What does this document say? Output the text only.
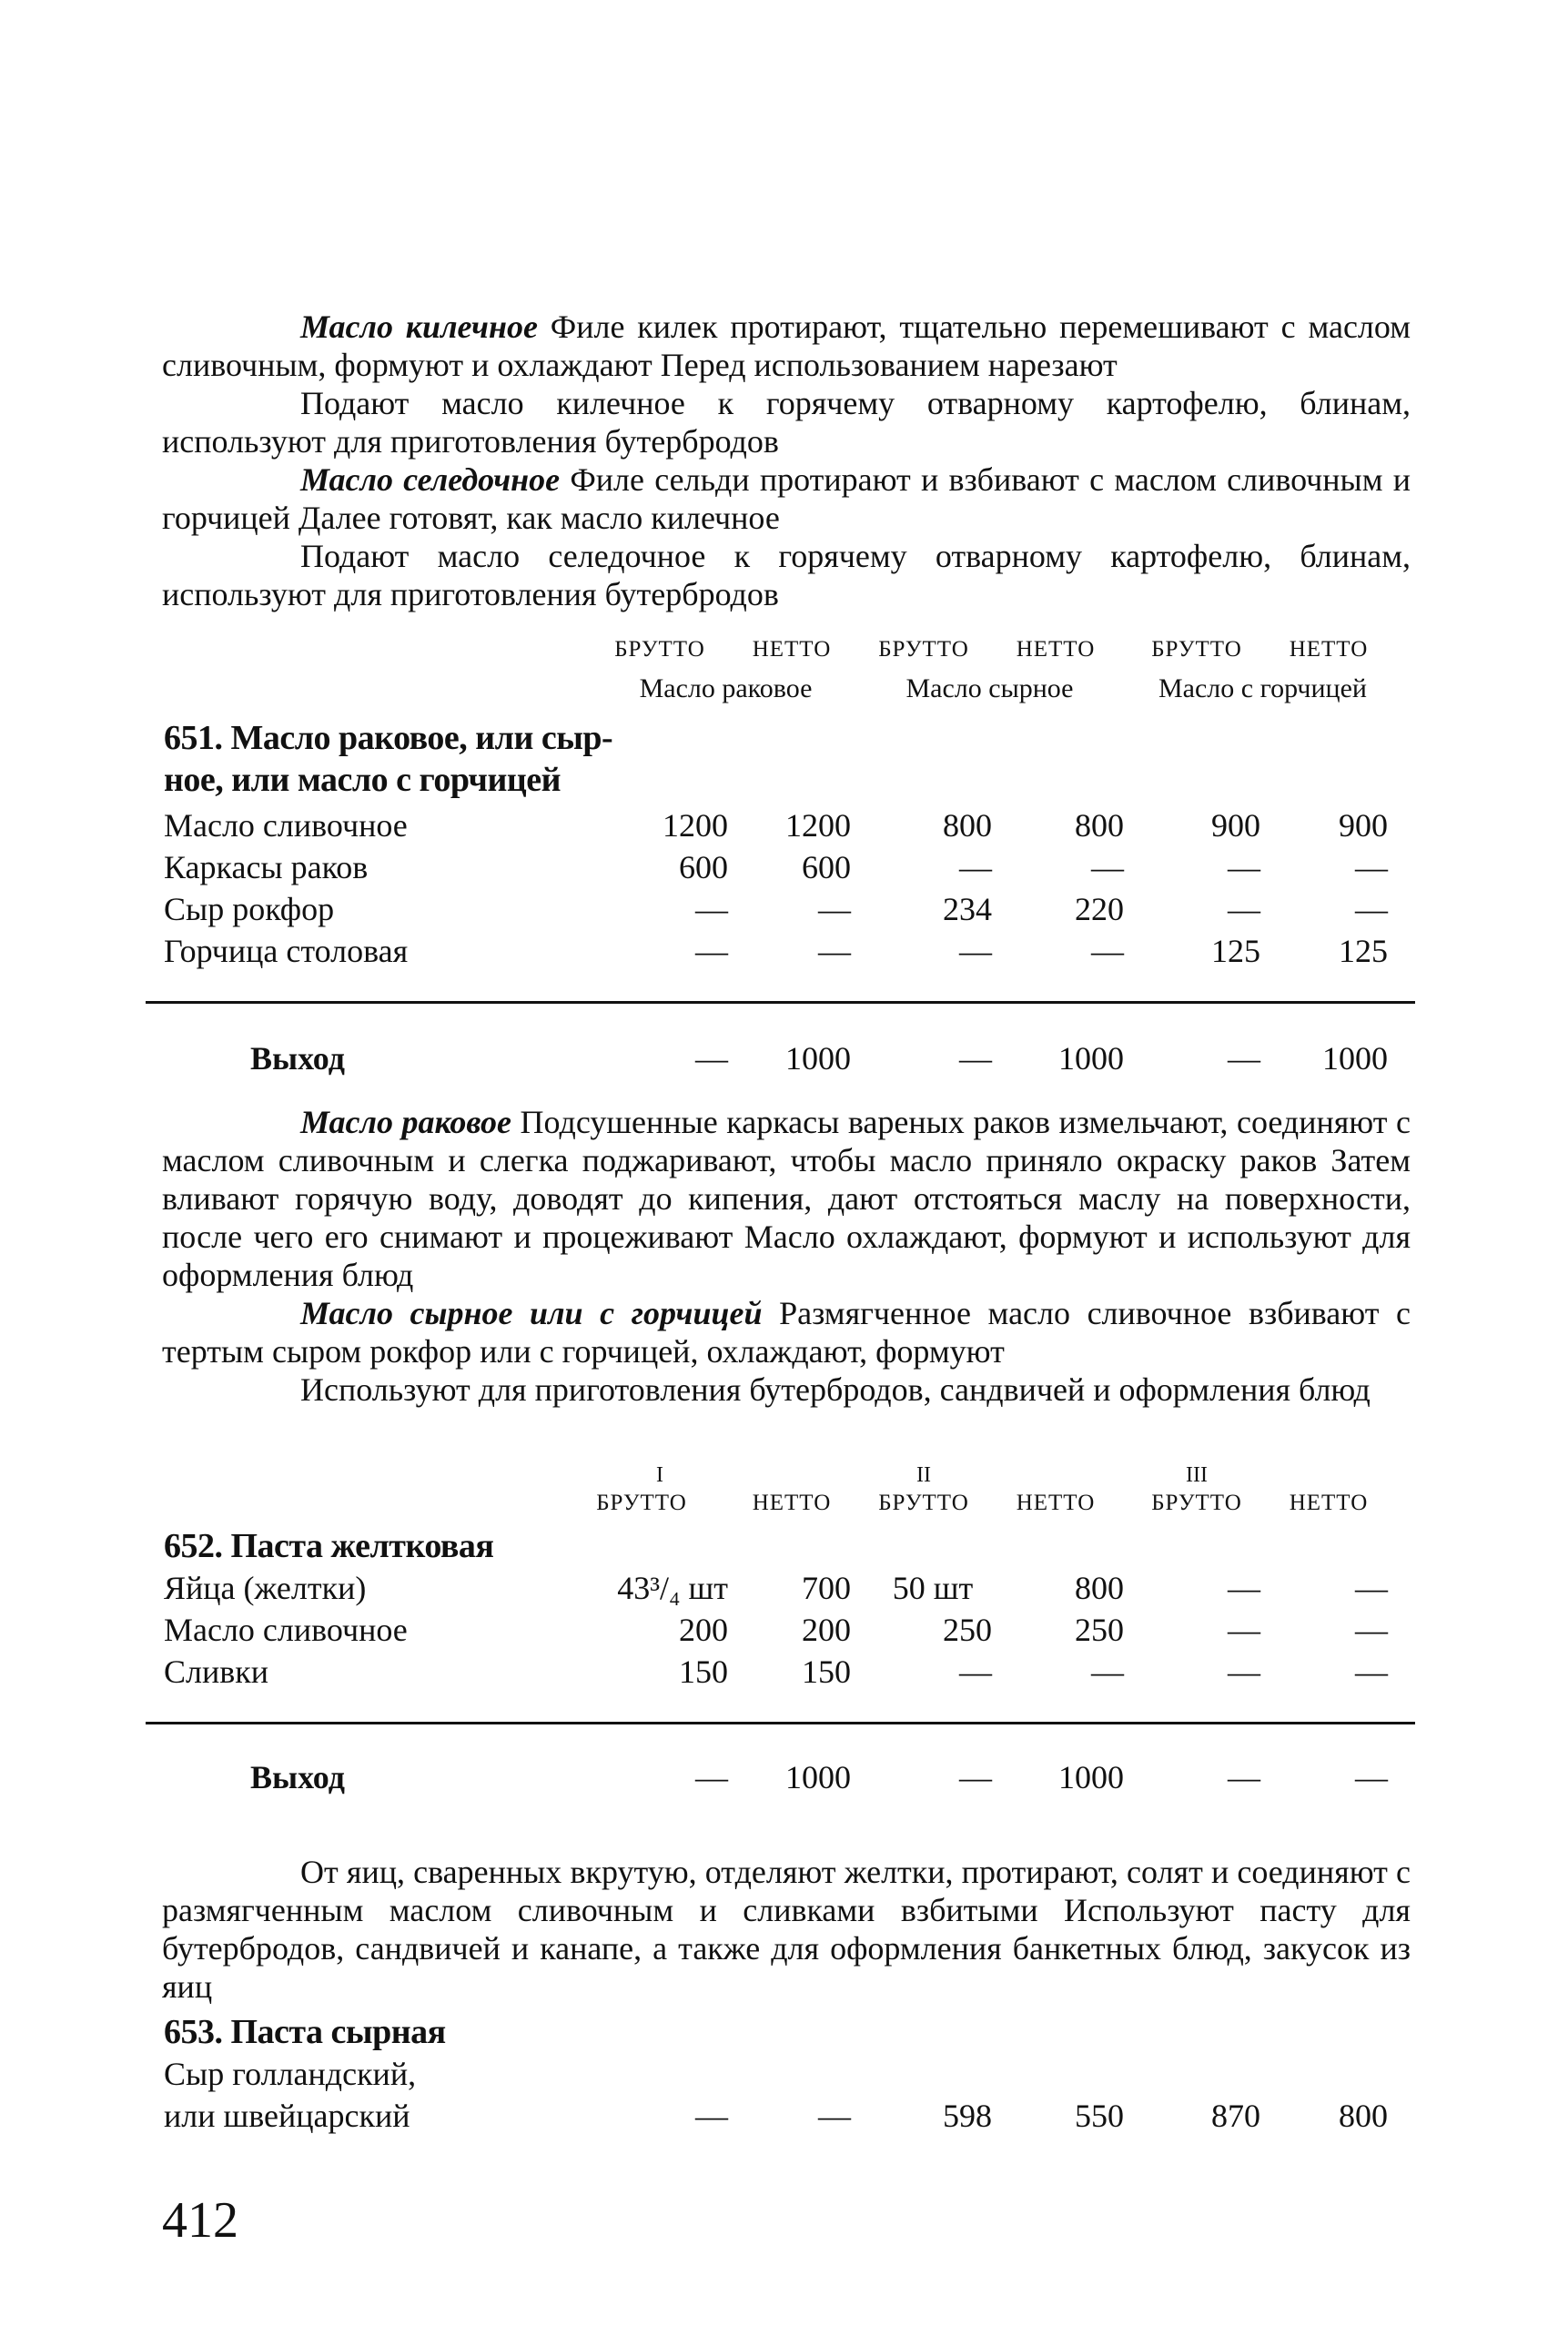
Масло килечное Филе килек протирают, тщательно перемешивают с маслом сливочным, формуют и охлаждают Перед использованием нарезают

Подают масло килечное к горячему отварному картофелю, блинам, используют для приготовления бутербродов

Масло селедочное Филе сельди протирают и взбивают с маслом сливочным и горчицей Далее готовят, как масло килечное

Подают масло селедочное к горячему отварному картофелю, блинам, используют для приготовления бутербродов

БРУТТО	НЕТТО	БРУТТО	НЕТТО	БРУТТО	НЕТТО
Масло раковое	Масло сырное	Масло с горчицей
651. Масло раковое, или сыр-
ное, или масло с горчицей
Масло сливочное	1200	1200	800	800	900	900
Каркасы раков	600	600	—	—	—	—
Сыр рокфор	—	—	234	220	—	—
Горчица столовая	—	—	—	—	125	125
Выход	—	1000	—	1000	—	1000

Масло раковое Подсушенные каркасы вареных раков измельчают, соединяют с маслом сливочным и слегка поджаривают, чтобы масло приняло окраску раков Затем вливают горячую воду, доводят до кипения, дают отстояться маслу на поверхности, после чего его снимают и процеживают Масло охлаждают, формуют и используют для оформления блюд

Масло сырное или с горчицей Размягченное масло сливочное взбивают с тертым сыром рокфор или с горчицей, охлаждают, формуют

Используют для приготовления бутербродов, сандвичей и оформления блюд

I	II	III
БРУТТО	НЕТТО	БРУТТО	НЕТТО	БРУТТО	НЕТТО
652. Паста желтковая
Яйца (желтки)	43³/₄ шт	700	50 шт	800	—	—
Масло сливочное	200	200	250	250	—	—
Сливки	150	150	—	—	—	—
Выход	—	1000	—	1000	—	—

От яиц, сваренных вкрутую, отделяют желтки, протирают, солят и соединяют с размягченным маслом сливочным и сливками взбитыми Используют пасту для бутербродов, сандвичей и канапе, а также для оформления банкетных блюд, закусок из яиц

653. Паста сырная
Сыр голландский,
или швейцарский	—	—	598	550	870	800
412
